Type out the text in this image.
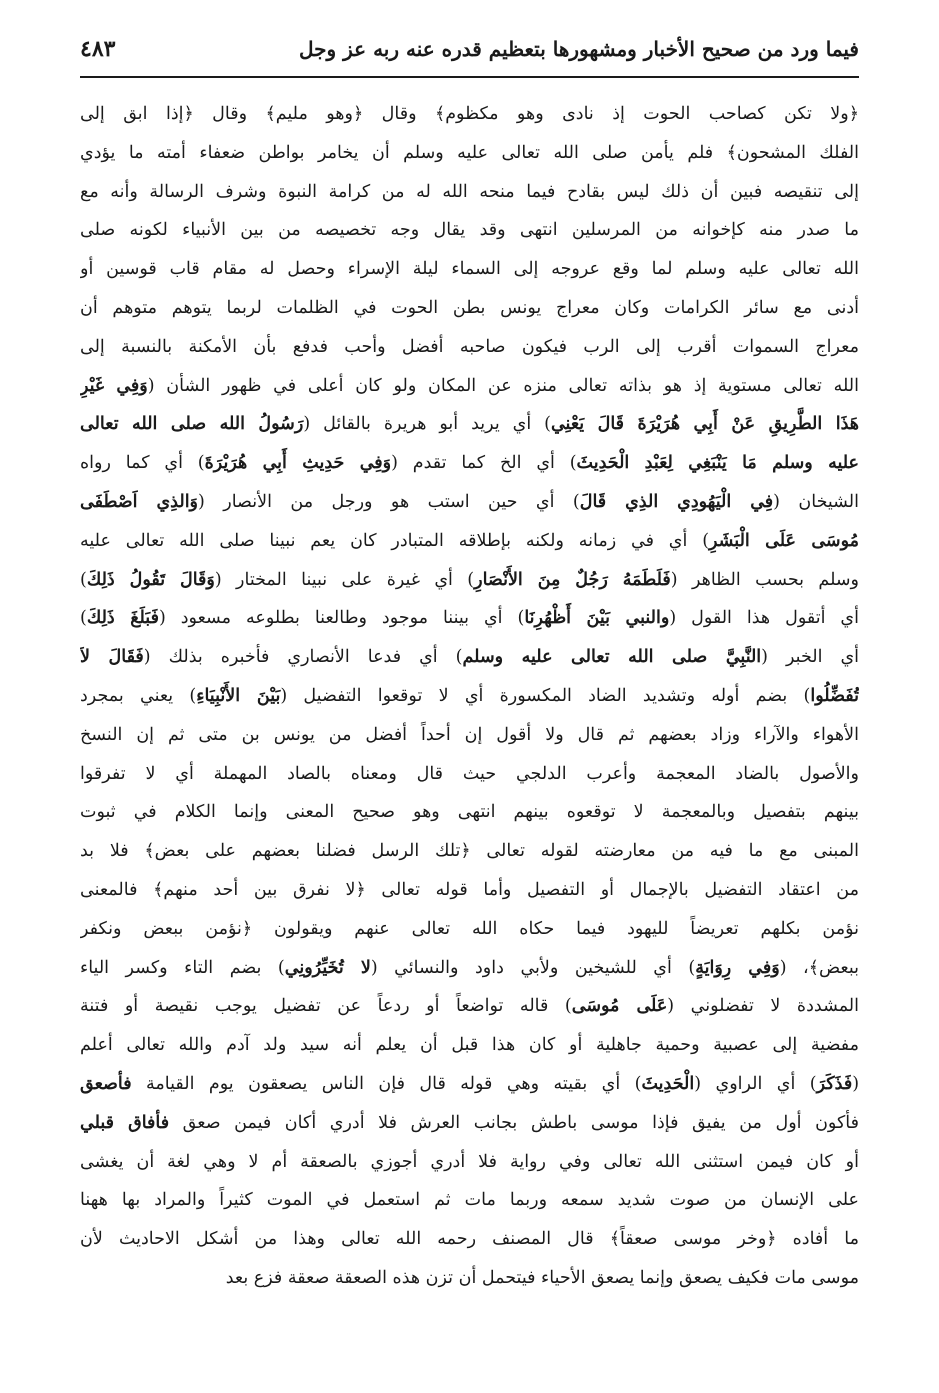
فيما ورد من صحيح الأخبار ومشهورها بتعظيم قدره عنه ربه عز وجل
٤٨٣
﴿ولا تكن كصاحب الحوت إذ نادى وهو مكظوم﴾ وقال ﴿وهو مليم﴾ وقال ﴿إذا ابق إلى
الفلك المشحون﴾ فلم يأمن صلى الله تعالى عليه وسلم أن يخامر بواطن ضعفاء أمته ما يؤدي
إلى تنقيصه فبين أن ذلك ليس بقادح فيما منحه الله له من كرامة النبوة وشرف الرسالة وأنه مع
ما صدر منه كإخوانه من المرسلين انتهى وقد يقال وجه تخصيصه من بين الأنبياء لكونه صلى
الله تعالى عليه وسلم لما وقع عروجه إلى السماء ليلة الإسراء وحصل له مقام قاب قوسين أو
أدنى مع سائر الكرامات وكان معراج يونس بطن الحوت في الظلمات لربما يتوهم متوهم أن
معراج السموات أقرب إلى الرب فيكون صاحبه أفضل وأحب فدفع بأن الأمكنة بالنسبة إلى
الله تعالى مستوية إذ هو بذاته تعالى منزه عن المكان ولو كان أعلى في ظهور الشأن (وَفِي غَيْرِ
هَذَا الطَّرِيقِ عَنْ أَبِي هُرَيْرَةَ قَالَ يَعْنِي) أي يريد أبو هريرة بالقائل (رَسُولُ الله صلى الله تعالى
عليه وسلم مَا يَنْبَغِي لِعَبْدِ الْحَدِيثَ) أي الخ كما تقدم (وَفِي حَدِيثِ أَبِي هُرَيْرَةَ) أي كما رواه
الشيخان (فِي الْيَهُودِي الذِي قَالَ) أي حين استب هو ورجل من الأنصار (وَالذِي اَصْطَفَى
مُوسَى عَلَى الْبَشَرِ) أي في زمانه ولكنه بإطلاقه المتبادر كان يعم نبينا صلى الله تعالى عليه
وسلم بحسب الظاهر (فَلَطَمَهُ رَجُلٌ مِنَ الأَنْصَارِ) أي غيرة على نبينا المختار (وَقَالَ تَقُولُ ذَلِكَ)
أي أتقول هذا القول (والنبي بَيْنَ أَظْهُرِنَا) أي بيننا موجود وطالعنا بطلوعه مسعود (فَبَلَغَ ذَلِكَ)
أي الخبر (النَّبِيَّ صلى الله تعالى عليه وسلم) أي فدعا الأنصاري فأخبره بذلك (فَقَالَ لاَ
تُفَضِّلُوا) بضم أوله وتشديد الضاد المكسورة أي لا توقعوا التفضيل (بَيْنَ الأَنْبِيَاءِ) يعني بمجرد
الأهواء والآراء وزاد بعضهم ثم قال ولا أقول إن أحداً أفضل من يونس بن متى ثم إن النسخ
والأصول بالضاد المعجمة وأعرب الدلجي حيث قال ومعناه بالصاد المهملة أي لا تفرقوا
بينهم بتفصيل وبالمعجمة لا توقعوه بينهم انتهى وهو صحيح المعنى وإنما الكلام في ثبوت
المبنى مع ما فيه من معارضته لقوله تعالى ﴿تلك الرسل فضلنا بعضهم على بعض﴾ فلا بد
من اعتقاد التفضيل بالإجمال أو التفصيل وأما قوله تعالى ﴿لا نفرق بين أحد منهم﴾ فالمعنى
نؤمن بكلهم تعريضاً لليهود فيما حكاه الله تعالى عنهم ويقولون ﴿نؤمن ببعض ونكفر
ببعض﴾، (وَفِي رِوَايَةٍ) أي للشيخين ولأبي داود والنسائي (لا تُخَيِّرُونِي) بضم التاء وكسر الياء
المشددة لا تفضلوني (عَلَى مُوسَى) قاله تواضعاً أو ردعاً عن تفضيل يوجب نقيصة أو فتنة
مفضية إلى عصبية وحمية جاهلية أو كان هذا قبل أن يعلم أنه سيد ولد آدم والله تعالى أعلم
(فَذَكَرَ) أي الراوي (الْحَدِيثَ) أي بقيته وهي قوله قال فإن الناس يصعقون يوم القيامة فأصعق
فأكون أول من يفيق فإذا موسى باطش بجانب العرش فلا أدري أكان فيمن صعق فأفاق قبلي
أو كان فيمن استثنى الله تعالى وفي رواية فلا أدري أجوزي بالصعقة أم لا وهي لغة أن يغشى
على الإنسان من صوت شديد سمعه وربما مات ثم استعمل في الموت كثيراً والمراد بها ههنا
ما أفاده ﴿وخر موسى صعقاً﴾ قال المصنف رحمه الله تعالى وهذا من أشكل الاحاديث لأن
موسى مات فكيف يصعق وإنما يصعق الأحياء فيتحمل أن تزن هذه الصعقة صعقة فزع بعد
